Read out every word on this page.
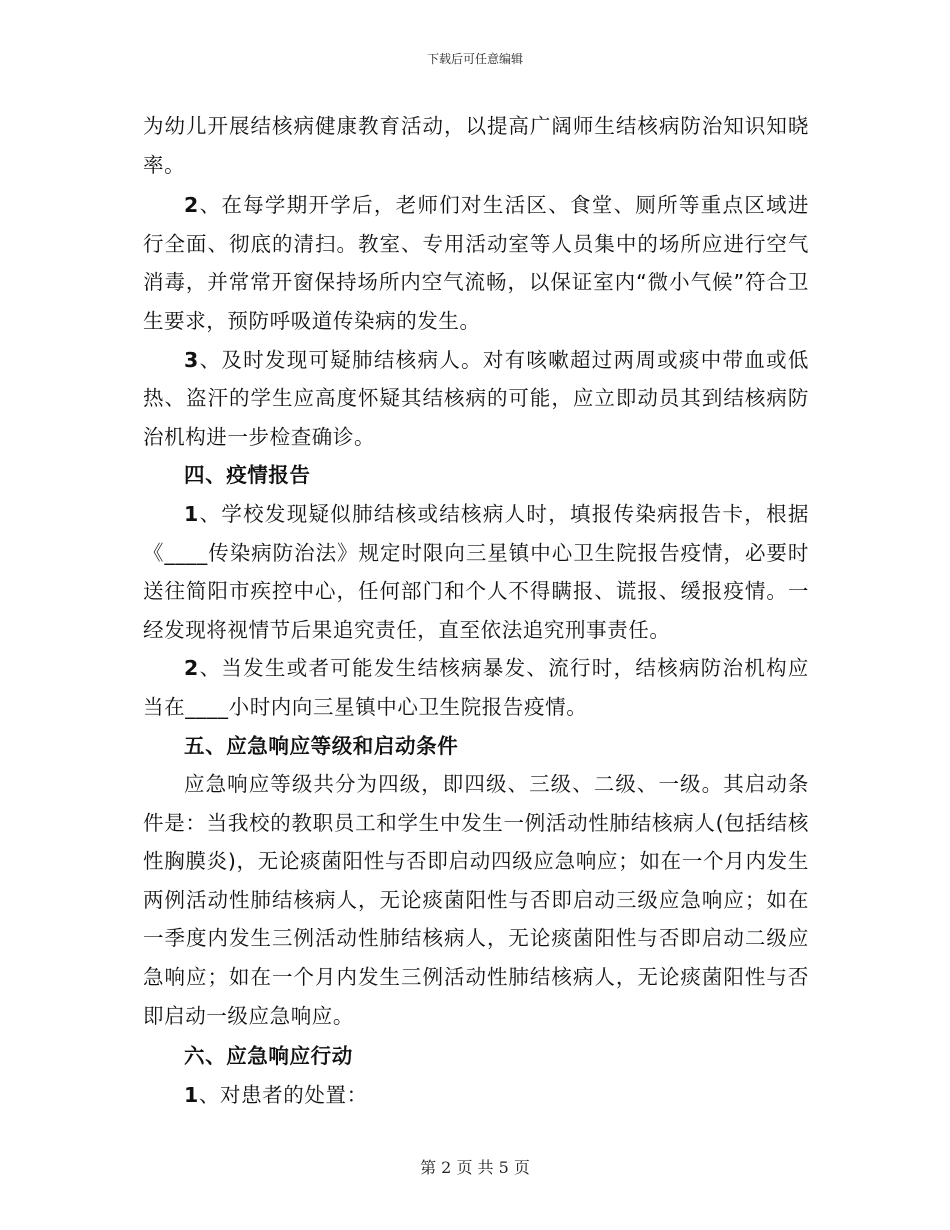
下载后可任意编辑

为幼儿开展结核病健康教育活动，以提高广阔师生结核病防治知识知晓率。

2、在每学期开学后，老师们对生活区、食堂、厕所等重点区域进行全面、彻底的清扫。教室、专用活动室等人员集中的场所应进行空气消毒，并常常开窗保持场所内空气流畅，以保证室内“微小气候”符合卫生要求，预防呼吸道传染病的发生。

3、及时发现可疑肺结核病人。对有咳嗽超过两周或痰中带血或低热、盗汗的学生应高度怀疑其结核病的可能，应立即动员其到结核病防治机构进一步检查确诊。

四、疫情报告

1、学校发现疑似肺结核或结核病人时，填报传染病报告卡，根据《____传染病防治法》规定时限向三星镇中心卫生院报告疫情，必要时送往简阳市疾控中心，任何部门和个人不得瞒报、谎报、缓报疫情。一经发现将视情节后果追究责任，直至依法追究刑事责任。

2、当发生或者可能发生结核病暴发、流行时，结核病防治机构应当在____小时内向三星镇中心卫生院报告疫情。

五、应急响应等级和启动条件

应急响应等级共分为四级，即四级、三级、二级、一级。其启动条件是：当我校的教职员工和学生中发生一例活动性肺结核病人(包括结核性胸膜炎)，无论痰菌阳性与否即启动四级应急响应；如在一个月内发生两例活动性肺结核病人，无论痰菌阳性与否即启动三级应急响应；如在一季度内发生三例活动性肺结核病人，无论痰菌阳性与否即启动二级应急响应；如在一个月内发生三例活动性肺结核病人，无论痰菌阳性与否即启动一级应急响应。

六、应急响应行动

1、对患者的处置：

第 2 页 共 5 页
